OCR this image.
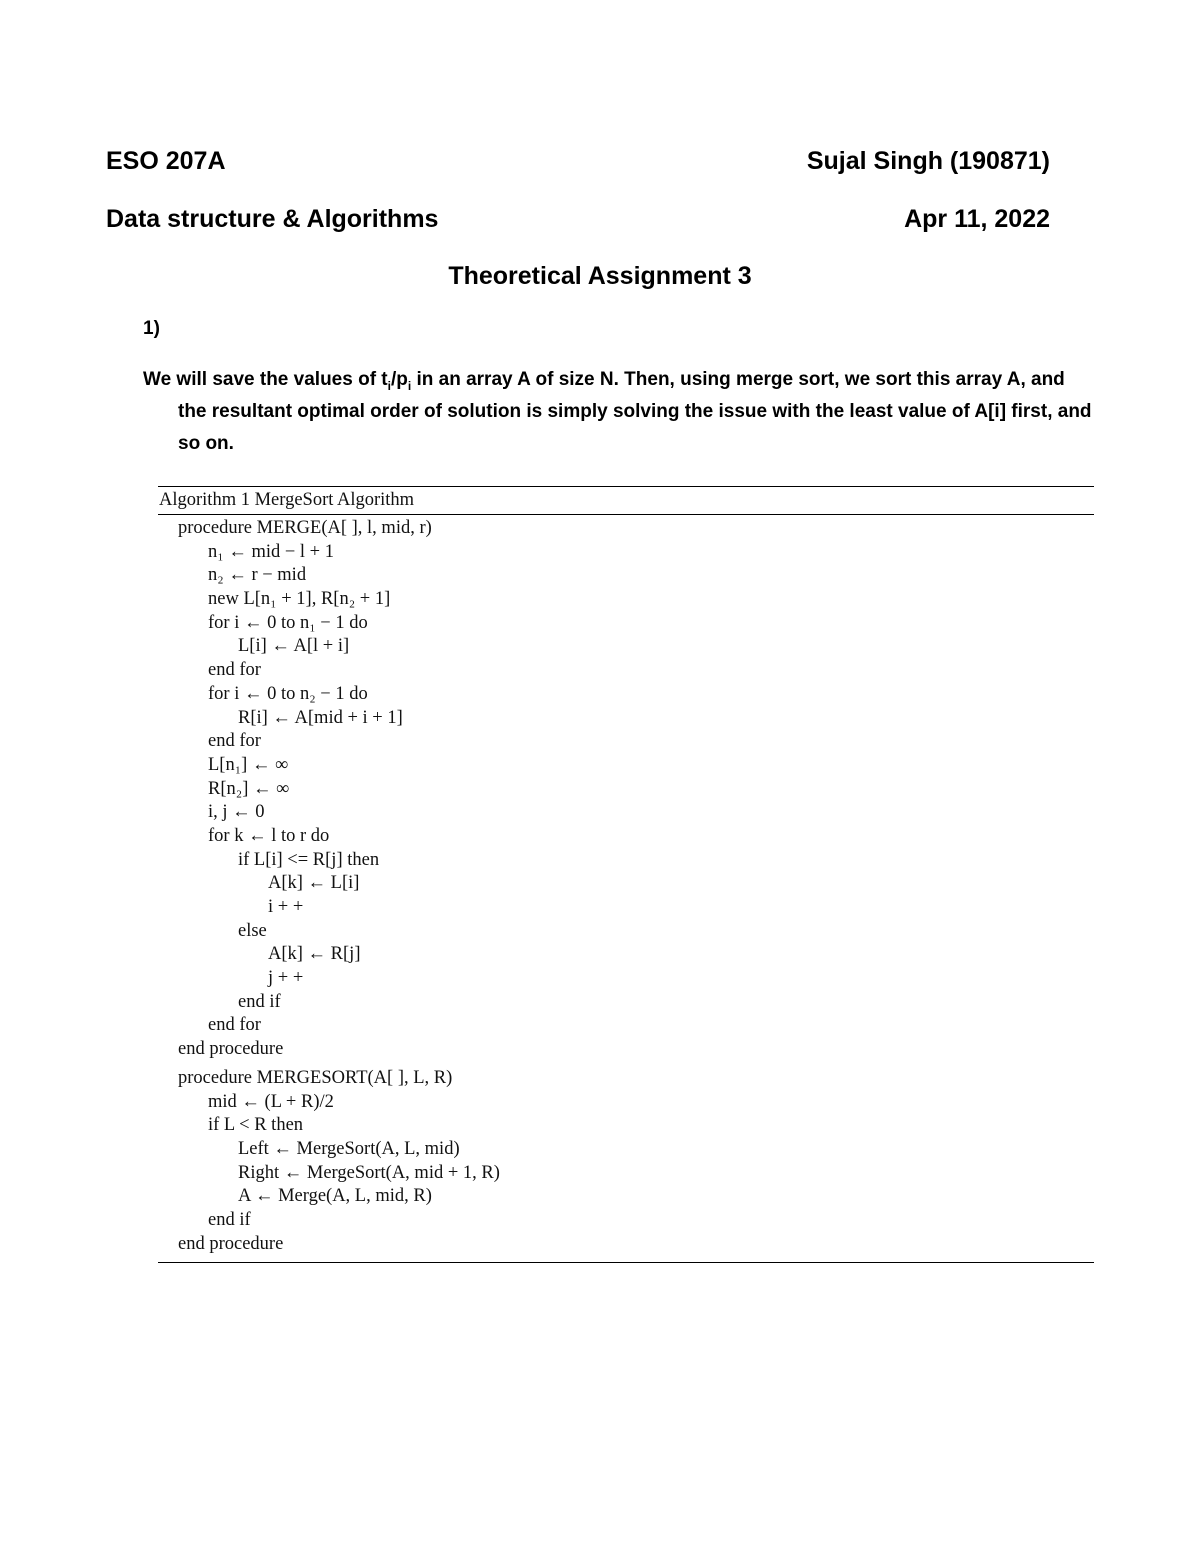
ESO 207A	Sujal Singh (190871)
Data structure & Algorithms	Apr 11, 2022
Theoretical Assignment 3
1)
We will save the values of $t_i/p_i$ in an array A of size N. Then, using merge sort, we sort this array A, and the resultant optimal order of solution is simply solving the issue with the least value of A[i] first, and so on.
Algorithm 1 MergeSort Algorithm
procedure MERGE(A[ ], l, mid, r)
n₁ ← mid − l + 1
n₂ ← r − mid
new L[n₁ + 1], R[n₂ + 1]
for i ← 0 to n₁ − 1 do
L[i] ← A[l + i]
end for
for i ← 0 to n₂ − 1 do
R[i] ← A[mid + i + 1]
end for
L[n₁] ← ∞
R[n₂] ← ∞
i, j ← 0
for k ← l to r do
if L[i] <= R[j] then
A[k] ← L[i]
i + +
else
A[k] ← R[j]
j + +
end if
end for
end procedure
procedure MERGESORT(A[ ], L, R)
mid ← (L + R)/2
if L < R then
Left ← MergeSort(A, L, mid)
Right ← MergeSort(A, mid + 1, R)
A ← Merge(A, L, mid, R)
end if
end procedure
